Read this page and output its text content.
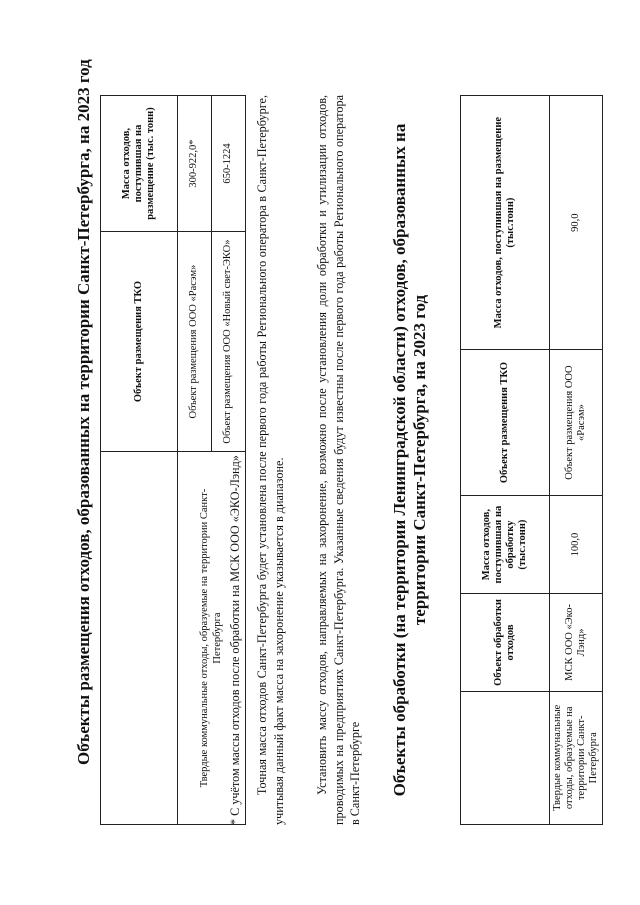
Объекты размещения отходов, образованных на территории Санкт-Петербурга, на 2023 год
		Объект размещения ТКО	Масса отходов, поступившая на размещение (тыс. тонн)
Твердые коммунальные отходы, образуемые на территории Санкт-Петербурга	Объект размещения ООО «Расэм»	300-922,0*
	Объект размещения ООО «Новый свет-ЭКО»	650-1224
* С учётом массы отходов после обработки на МСК ООО «ЭКО-Лэнд» Точная масса отходов Санкт-Петербурга будет установлена после первого года работы Регионального оператора в Санкт-Петербурге, учитывая данный факт масса на захоронение указывается в диапазоне. Установить массу отходов, направляемых на захоронение, возможно после установления доли обработки и утилизации отходов, проводимых на предприятиях Санкт-Петербурга. Указанные сведения будут известны после первого года работы Регионального оператора в Санкт-Петербурге Объекты обработки (на территории Ленинградской области) отходов, образованных на территории Санкт-Петербурга, на 2023 год
	Объект обработки отходов	Масса отходов, поступившая на обработку (тыс.тонн)	Объект размещения ТКО	Масса отходов, поступившая на размещение (тыс.тонн)
Твердые коммунальные отходы, образуемые на территории Санкт-Петербурга	МСК ООО «Эко-Лэнд»	100,0	Объект размещения ООО «Расэм»	90,0
